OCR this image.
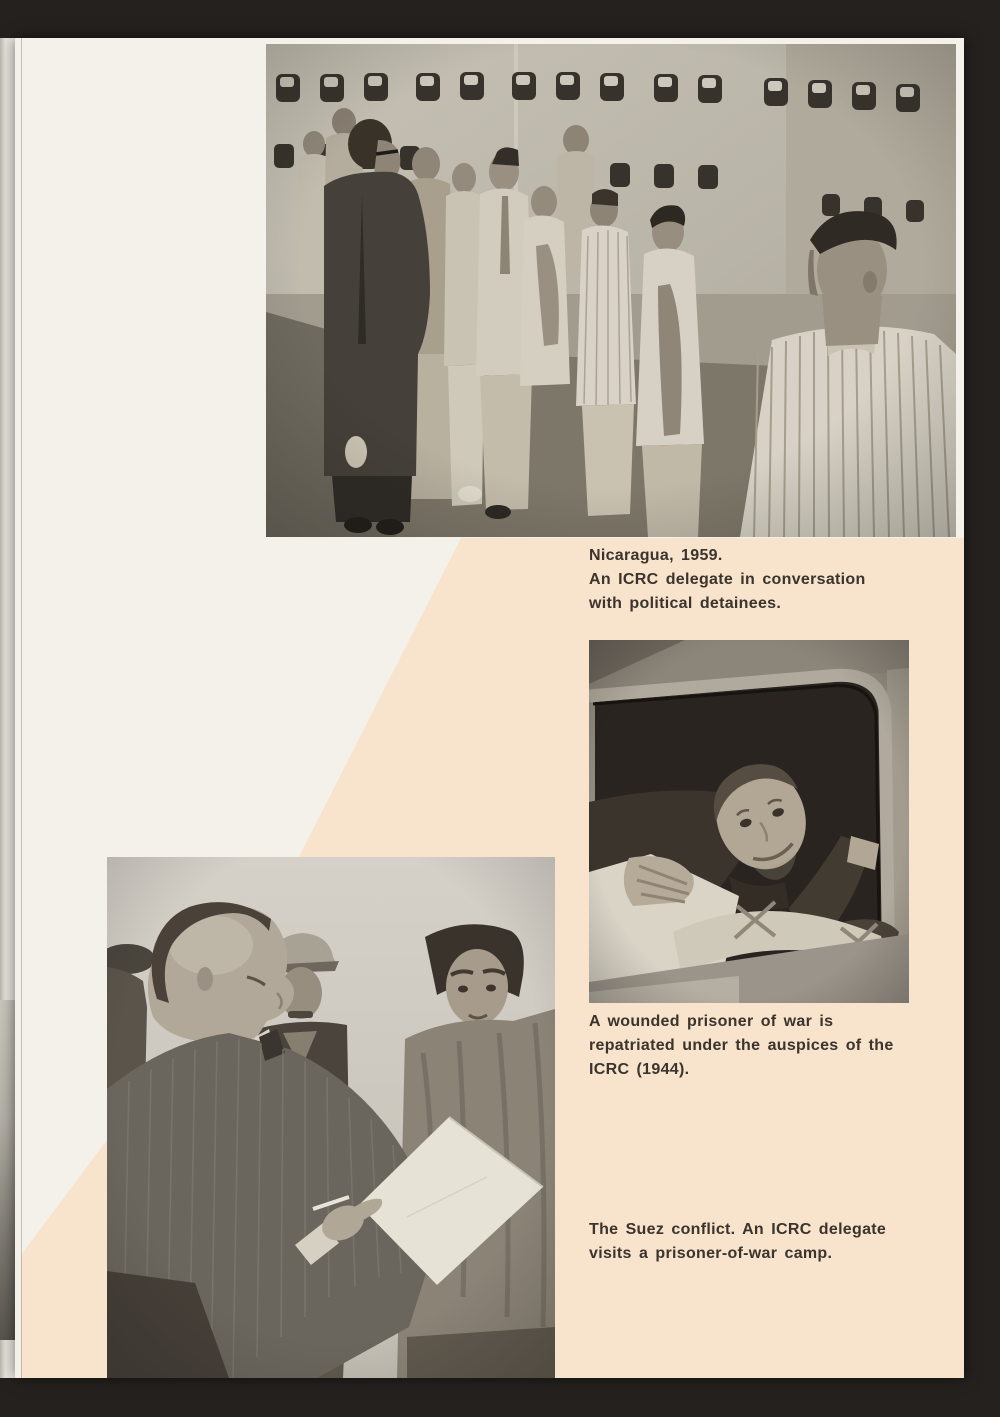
Nicaragua, 1959.
An ICRC delegate in conversation
with political detainees.
A wounded prisoner of war is
repatriated under the auspices of the
ICRC (1944).
The Suez conflict. An ICRC delegate
visits a prisoner-of-war camp.
